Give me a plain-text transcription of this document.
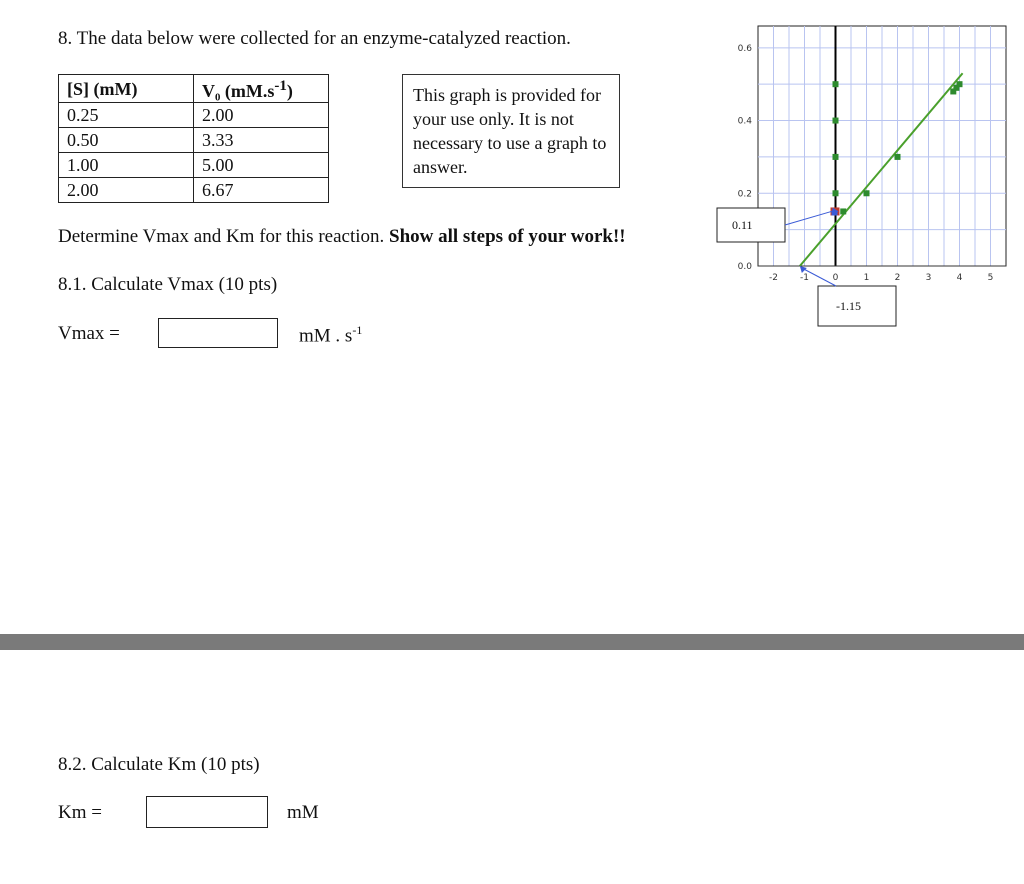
8. The data below were collected for an enzyme-catalyzed reaction.
[S] (mM)	V₀ $(mM.s^{-1})$
0.25	2.00
0.50	3.33
1.00	5.00
2.00	6.67
This graph is provided for your use only. It is not necessary to use a graph to answer.
Determine Vmax and Km for this reaction. Show all steps of your work!!
8.1. Calculate Vmax (10 pts)
Vmax =	mM . $s^{-1}$
8.2. Calculate Km (10 pts)
Km =	mM
-2 -1	0	1	2	3	4	5
0.0
0.2
0.4
0.6
0.11
-1.15
